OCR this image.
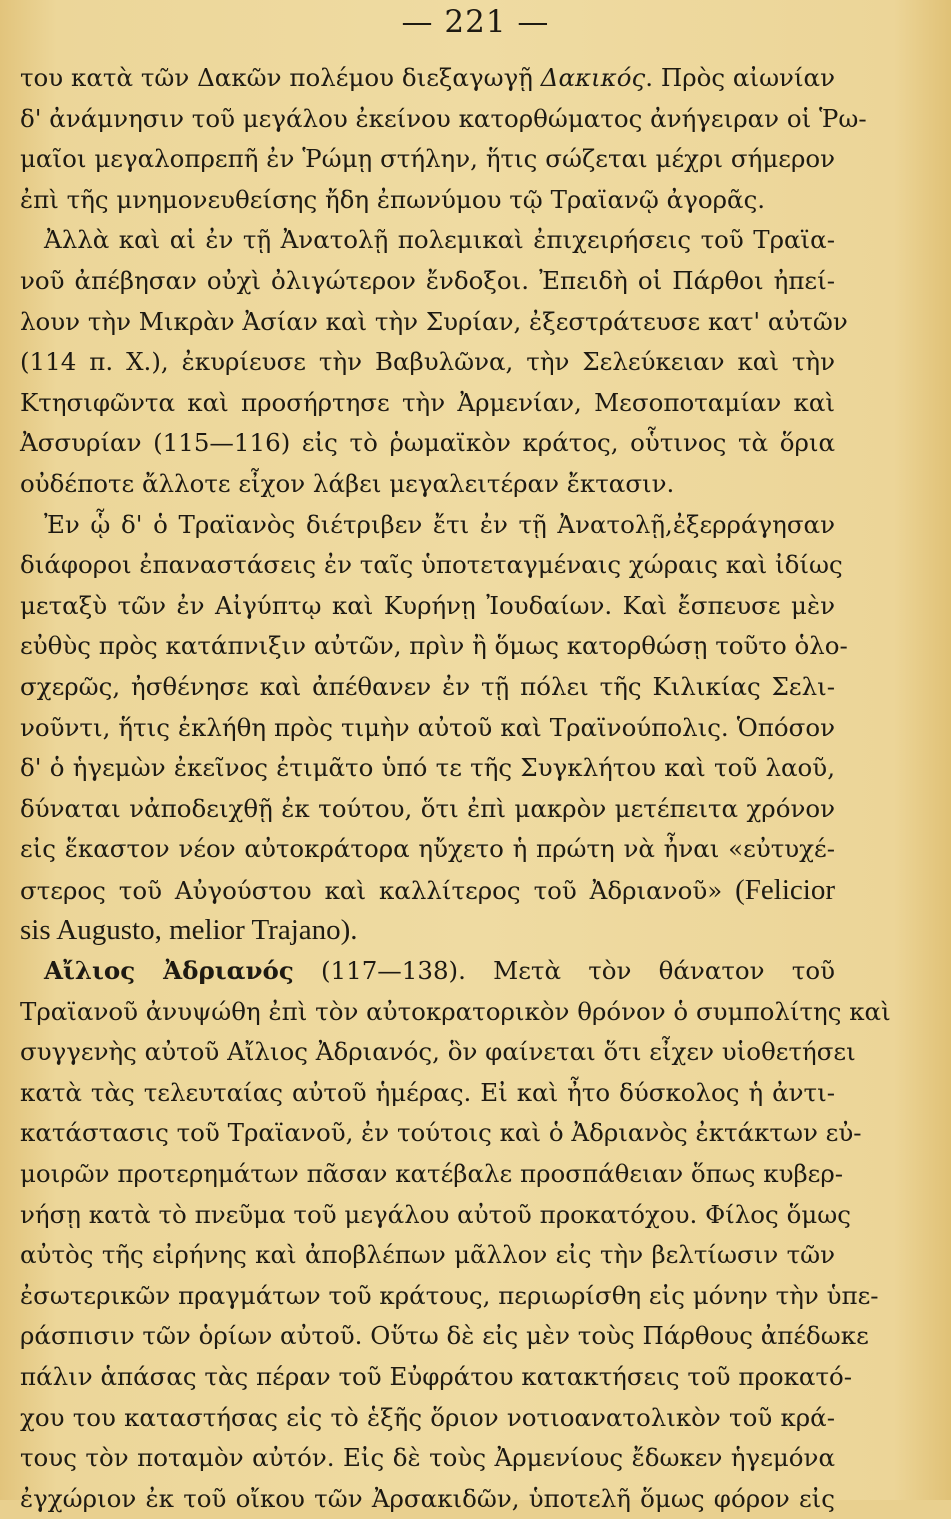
— 221 —
του κατὰ τῶν Δακῶν πολέμου διεξαγωγῇ Δακικός. Πρὸς αἰωνίαν
δ' ἀνάμνησιν τοῦ μεγάλου ἐκείνου κατορθώματος ἀνήγειραν οἱ Ῥω-
μαῖοι μεγαλοπρεπῆ ἐν Ῥώμῃ στήλην, ἥτις σώζεται μέχρι σήμερον
ἐπὶ τῆς μνημονευθείσης ἤδη ἐπωνύμου τῷ Τραϊανῷ ἀγορᾶς.
Ἀλλὰ καὶ αἱ ἐν τῇ Ἀνατολῇ πολεμικαὶ ἐπιχειρήσεις τοῦ Τραϊα-
νοῦ ἀπέβησαν οὐχὶ ὀλιγώτερον ἔνδοξοι. Ἐπειδὴ οἱ Πάρθοι ἠπεί-
λουν τὴν Μικρὰν Ἀσίαν καὶ τὴν Συρίαν, ἐξεστράτευσε κατ' αὐτῶν
(114 π. Χ.), ἐκυρίευσε τὴν Βαβυλῶνα, τὴν Σελεύκειαν καὶ τὴν
Κτησιφῶντα καὶ προσήρτησε τὴν Ἀρμενίαν, Μεσοποταμίαν καὶ
Ἀσσυρίαν (115—116) εἰς τὸ ῥωμαϊκὸν κράτος, οὗτινος τὰ ὅρια
οὐδέποτε ἄλλοτε εἶχον λάβει μεγαλειτέραν ἔκτασιν.
Ἐν ᾧ δ' ὁ Τραϊανὸς διέτριβεν ἔτι ἐν τῇ Ἀνατολῇ,ἐξερράγησαν
διάφοροι ἐπαναστάσεις ἐν ταῖς ὑποτεταγμέναις χώραις καὶ ἰδίως
μεταξὺ τῶν ἐν Αἰγύπτῳ καὶ Κυρήνῃ Ἰουδαίων. Καὶ ἔσπευσε μὲν
εὐθὺς πρὸς κατάπνιξιν αὐτῶν, πρὶν ἢ ὅμως κατορθώσῃ τοῦτο ὁλο-
σχερῶς, ἠσθένησε καὶ ἀπέθανεν ἐν τῇ πόλει τῆς Κιλικίας Σελι-
νοῦντι, ἥτις ἐκλήθη πρὸς τιμὴν αὐτοῦ καὶ Τραϊνούπολις. Ὁπόσον
δ' ὁ ἡγεμὼν ἐκεῖνος ἐτιμᾶτο ὑπό τε τῆς Συγκλήτου καὶ τοῦ λαοῦ,
δύναται νἀποδειχθῇ ἐκ τούτου, ὅτι ἐπὶ μακρὸν μετέπειτα χρόνον
εἰς ἕκαστον νέον αὐτοκράτορα ηὔχετο ἡ πρώτη νὰ ἦναι «εὐτυχέ-
στερος τοῦ Αὐγούστου καὶ καλλίτερος τοῦ Ἀδριανοῦ» (Felicior
sis Augusto, melior Trajano).
Αἴλιος Ἀδριανός (117—138). Μετὰ τὸν θάνατον τοῦ
Τραϊανοῦ ἀνυψώθη ἐπὶ τὸν αὐτοκρατορικὸν θρόνον ὁ συμπολίτης καὶ
συγγενὴς αὐτοῦ Αἴλιος Ἀδριανός, ὃν φαίνεται ὅτι εἶχεν υἱοθετήσει
κατὰ τὰς τελευταίας αὐτοῦ ἡμέρας. Εἰ καὶ ἦτο δύσκολος ἡ ἀντι-
κατάστασις τοῦ Τραϊανοῦ, ἐν τούτοις καὶ ὁ Ἀδριανὸς ἐκτάκτων εὐ-
μοιρῶν προτερημάτων πᾶσαν κατέβαλε προσπάθειαν ὅπως κυβερ-
νήσῃ κατὰ τὸ πνεῦμα τοῦ μεγάλου αὐτοῦ προκατόχου. Φίλος ὅμως
αὐτὸς τῆς εἰρήνης καὶ ἀποβλέπων μᾶλλον εἰς τὴν βελτίωσιν τῶν
ἐσωτερικῶν πραγμάτων τοῦ κράτους, περιωρίσθη εἰς μόνην τὴν ὑπε-
ράσπισιν τῶν ὁρίων αὐτοῦ. Οὕτω δὲ εἰς μὲν τοὺς Πάρθους ἀπέδωκε
πάλιν ἁπάσας τὰς πέραν τοῦ Εὐφράτου κατακτήσεις τοῦ προκατό-
χου του καταστήσας εἰς τὸ ἑξῆς ὅριον νοτιοανατολικὸν τοῦ κρά-
τους τὸν ποταμὸν αὐτόν. Εἰς δὲ τοὺς Ἀρμενίους ἔδωκεν ἡγεμόνα
ἐγχώριον ἐκ τοῦ οἴκου τῶν Ἀρσακιδῶν, ὑποτελῆ ὅμως φόρον εἰς
